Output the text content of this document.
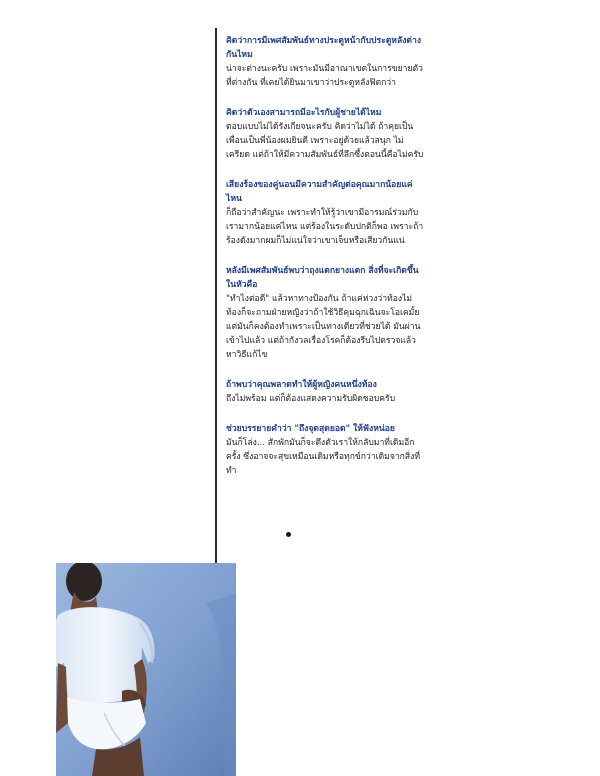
คิดว่าการมีเพศสัมพันธ์ทางประตูหน้ากับประตูหลังต่างกันไหม

น่าจะต่างนะครับ เพราะมันมีอาณาเขตในการขยายตัวที่ต่างกัน ที่เคยได้ยินมาเขาว่าประตูหลังฟิตกว่า

คิดว่าตัวเองสามารถมีอะไรกับผู้ชายได้ไหม

ตอบแบบไม่ได้รังเกียจนะครับ คิดว่าไม่ได้ ถ้าคุยเป็นเพื่อนเป็นพี่น้องผมยินดี เพราะอยู่ด้วยแล้วสนุก ไม่เครียด แต่ถ้าให้มีความสัมพันธ์ที่ลึกซึ้งตอนนี้คือไม่ครับ

เสียงร้องของคู่นอนมีความสำคัญต่อคุณมากน้อยแค่ไหน

ก็ถือว่าสำคัญนะ เพราะทำให้รู้ว่าเขามีอารมณ์ร่วมกับเรามากน้อยแค่ไหน แต่ร้องในระดับปกติก็พอ เพราะถ้าร้องดังมากผมก็ไม่แน่ใจว่าเขาเจ็บหรือเสียวกันแน่

หลังมีเพศสัมพันธ์พบว่าถุงแตกยางแตก สิ่งที่จะเกิดขึ้นในหัวคือ

"ทำไงต่อดี" แล้วหาทางป้องกัน ถ้าแค่ห่วงว่าท้องไม่ท้องก็จะถามฝ่ายหญิงว่าถ้าใช้วิธีคุมฉุกเฉินจะโอเคมั้ย แต่มันก็คงต้องทำเพราะเป็นทางเดียวที่ช่วยได้ มันผ่านเข้าไปแล้ว แต่ถ้ากังวลเรื่องโรคก็ต้องรีบไปตรวจแล้วหาวิธีแก้ไข

ถ้าพบว่าคุณพลาดทำให้ผู้หญิงคนหนึ่งท้อง

ถึงไม่พร้อม แต่ก็ต้องแสดงความรับผิดชอบครับ

ช่วยบรรยายคำว่า "ถึงจุดสุดยอด" ให้ฟังหน่อย

มันก็โล่ง... สักพักมันก็จะดึงตัวเราให้กลับมาที่เดิมอีกครั้ง ซึ่งอาจจะสุขเหมือนเดิมหรือทุกข์กว่าเดิมจากสิ่งที่ทำ
